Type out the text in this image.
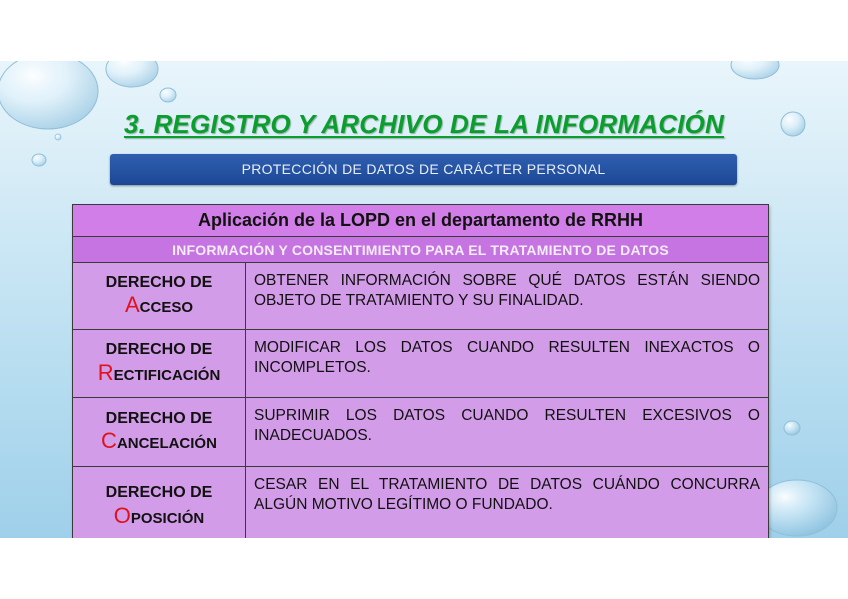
3. REGISTRO Y ARCHIVO DE LA INFORMACIÓN
PROTECCIÓN DE DATOS DE CARÁCTER PERSONAL
Aplicación de la LOPD en el departamento de RRHH	
INFORMACIÓN Y CONSENTIMIENTO PARA EL TRATAMIENTO DE DATOS	

DERECHO DE
ACCESO	OBTENER INFORMACIÓN SOBRE QUÉ DATOS ESTÁN SIENDO OBJETO DE TRATAMIENTO Y SU FINALIDAD.

DERECHO DE
RECTIFICACIÓN	MODIFICAR LOS DATOS CUANDO RESULTEN INEXACTOS O INCOMPLETOS.

DERECHO DE
CANCELACIÓN	SUPRIMIR LOS DATOS CUANDO RESULTEN EXCESIVOS O INADECUADOS.

DERECHO DE
OPOSICIÓN	CESAR EN EL TRATAMIENTO DE DATOS CUÁNDO CONCURRA ALGÚN MOTIVO LEGÍTIMO O FUNDADO.
